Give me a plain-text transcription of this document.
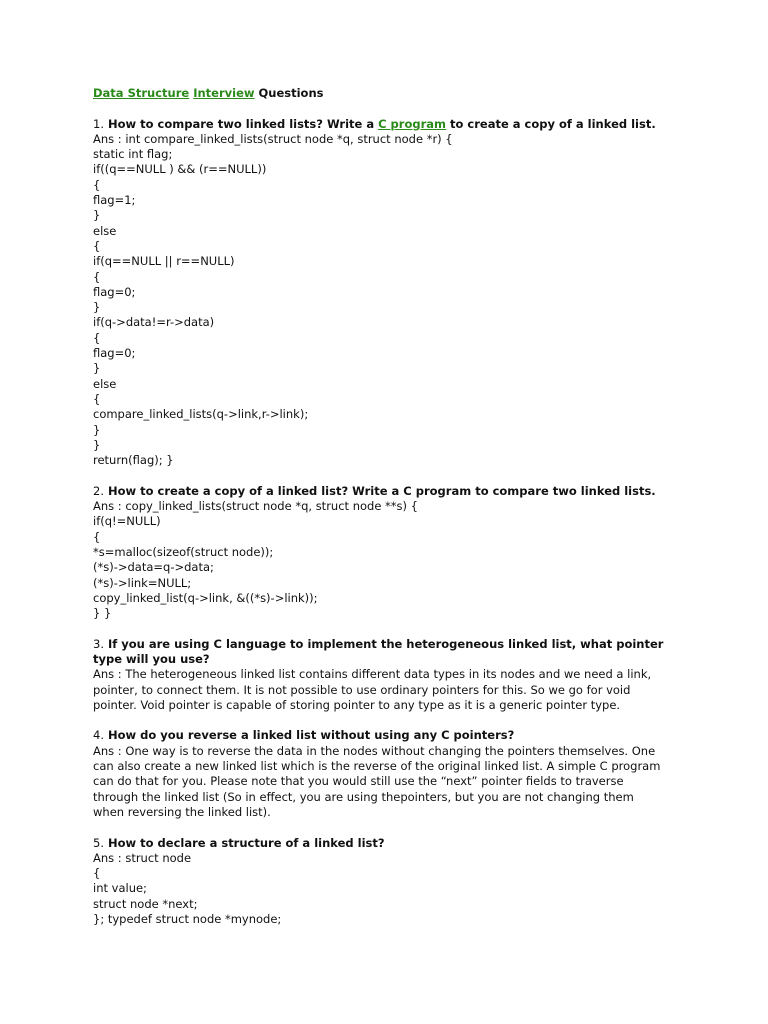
Data Structure Interview Questions
1. How to compare two linked lists? Write a C program to create a copy of a linked list.
Ans : int compare_linked_lists(struct node *q, struct node *r) {
static int flag;
if((q==NULL ) && (r==NULL))
{
flag=1;
}
else
{
if(q==NULL || r==NULL)
{
flag=0;
}
if(q->data!=r->data)
{
flag=0;
}
else
{
compare_linked_lists(q->link,r->link);
}
}
return(flag); }
2. How to create a copy of a linked list? Write a C program to compare two linked lists.
Ans : copy_linked_lists(struct node *q, struct node **s) {
if(q!=NULL)
{
*s=malloc(sizeof(struct node));
(*s)->data=q->data;
(*s)->link=NULL;
copy_linked_list(q->link, &((*s)->link));
} }
3. If you are using C language to implement the heterogeneous linked list, what pointer
type will you use?
Ans : The heterogeneous linked list contains different data types in its nodes and we need a link,
pointer, to connect them. It is not possible to use ordinary pointers for this. So we go for void
pointer. Void pointer is capable of storing pointer to any type as it is a generic pointer type.
4. How do you reverse a linked list without using any C pointers?
Ans : One way is to reverse the data in the nodes without changing the pointers themselves. One
can also create a new linked list which is the reverse of the original linked list. A simple C program
can do that for you. Please note that you would still use the “next” pointer fields to traverse
through the linked list (So in effect, you are using thepointers, but you are not changing them
when reversing the linked list).
5. How to declare a structure of a linked list?
Ans : struct node
{
int value;
struct node *next;
}; typedef struct node *mynode;
